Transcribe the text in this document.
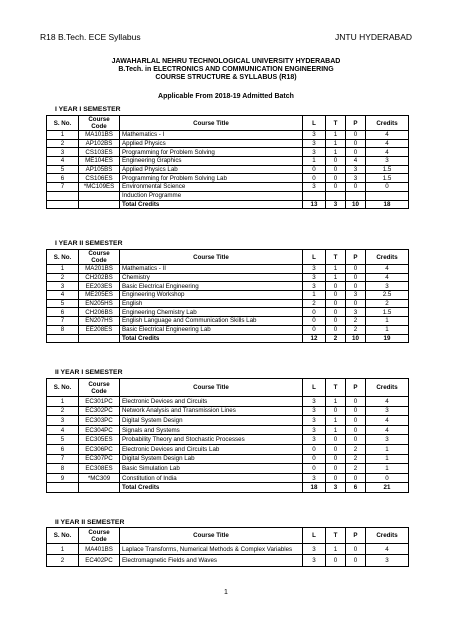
R18 B.Tech. ECE Syllabus	JNTU HYDERABAD
JAWAHARLAL NEHRU TECHNOLOGICAL UNIVERSITY HYDERABAD
B.Tech. in ELECTRONICS AND COMMUNICATION ENGINEERING
COURSE STRUCTURE & SYLLABUS (R18)
Applicable From 2018-19 Admitted Batch
I YEAR I SEMESTER
S. No.	Course Code	Course Title	L	T	P	Credits
1	MA101BS	Mathematics - I	3	1	0	4
2	AP102BS	Applied Physics	3	1	0	4
3	CS103ES	Programming for Problem Solving	3	1	0	4
4	ME104ES	Engineering Graphics	1	0	4	3
5	AP105BS	Applied Physics Lab	0	0	3	1.5
6	CS106ES	Programming for Problem Solving Lab	0	0	3	1.5
7	*MC109ES	Environmental Science	3	0	0	0
		Induction Programme				
		Total Credits	13	3	10	18
I YEAR II SEMESTER
S. No.	Course Code	Course Title	L	T	P	Credits
1	MA201BS	Mathematics - II	3	1	0	4
2	CH202BS	Chemistry	3	1	0	4
3	EE203ES	Basic Electrical Engineering	3	0	0	3
4	ME205ES	Engineering Workshop	1	0	3	2.5
5	EN205HS	English	2	0	0	2
6	CH206BS	Engineering Chemistry Lab	0	0	3	1.5
7	EN207HS	English Language and Communication Skills Lab	0	0	2	1
8	EE208ES	Basic Electrical Engineering Lab	0	0	2	1
		Total Credits	12	2	10	19
II YEAR I SEMESTER
S. No.	Course Code	Course Title	L	T	P	Credits
1	EC301PC	Electronic Devices and Circuits	3	1	0	4
2	EC302PC	Network Analysis and Transmission Lines	3	0	0	3
3	EC303PC	Digital System Design	3	1	0	4
4	EC304PC	Signals and Systems	3	1	0	4
5	EC305ES	Probability Theory and Stochastic Processes	3	0	0	3
6	EC306PC	Electronic Devices and Circuits Lab	0	0	2	1
7	EC307PC	Digital System Design Lab	0	0	2	1
8	EC308ES	Basic Simulation Lab	0	0	2	1
9	*MC309	Constitution of India	3	0	0	0
		Total Credits	18	3	6	21
II YEAR II SEMESTER
S. No.	Course Code	Course Title	L	T	P	Credits
1	MA401BS	Laplace Transforms, Numerical Methods & Complex Variables	3	1	0	4
2	EC402PC	Electromagnetic Fields and Waves	3	0	0	3
1
